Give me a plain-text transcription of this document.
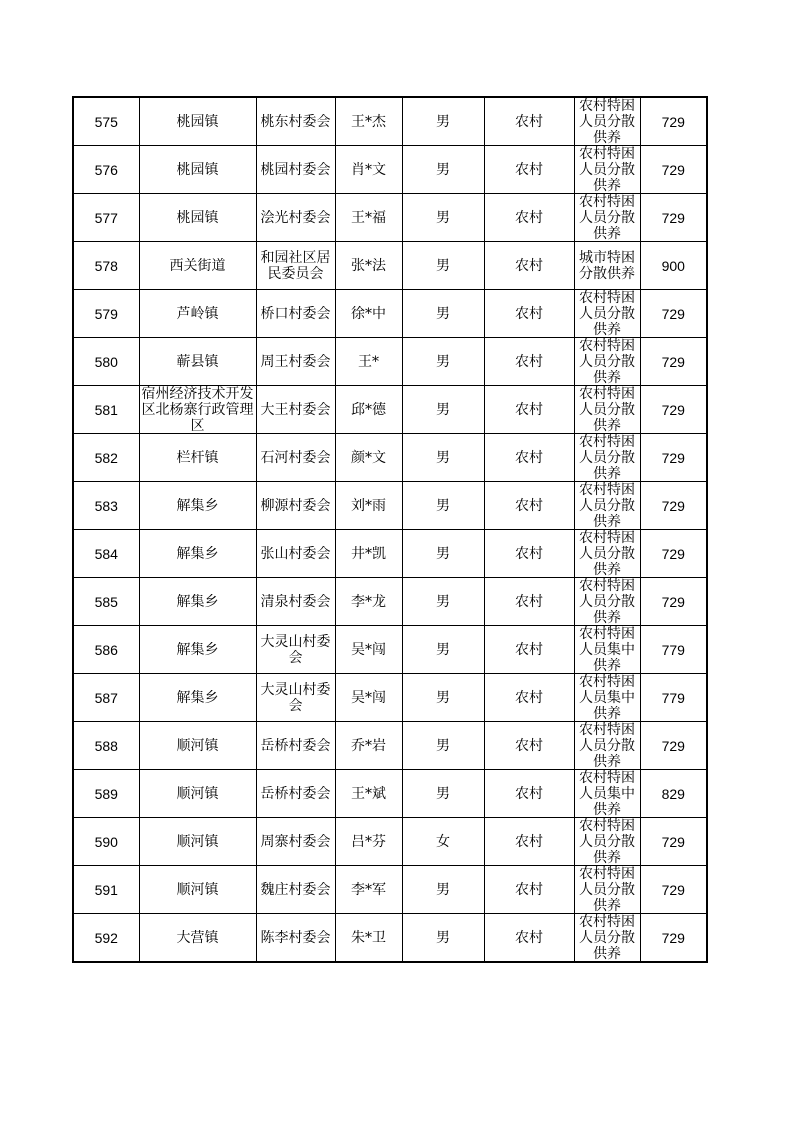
575	桃园镇	桃东村委会	王*杰	男	农村	农村特困人员分散供养	729
576	桃园镇	桃园村委会	肖*文	男	农村	农村特困人员分散供养	729
577	桃园镇	浍光村委会	王*福	男	农村	农村特困人员分散供养	729
578	西关街道	和园社区居民委员会	张*法	男	农村	城市特困分散供养	900
579	芦岭镇	桥口村委会	徐*中	男	农村	农村特困人员分散供养	729
580	蕲县镇	周王村委会	王*	男	农村	农村特困人员分散供养	729
581	宿州经济技术开发区北杨寨行政管理区	大王村委会	邱*德	男	农村	农村特困人员分散供养	729
582	栏杆镇	石河村委会	颜*文	男	农村	农村特困人员分散供养	729
583	解集乡	柳源村委会	刘*雨	男	农村	农村特困人员分散供养	729
584	解集乡	张山村委会	井*凯	男	农村	农村特困人员分散供养	729
585	解集乡	清泉村委会	李*龙	男	农村	农村特困人员分散供养	729
586	解集乡	大灵山村委会	吴*闯	男	农村	农村特困人员集中供养	779
587	解集乡	大灵山村委会	吴*闯	男	农村	农村特困人员集中供养	779
588	顺河镇	岳桥村委会	乔*岩	男	农村	农村特困人员分散供养	729
589	顺河镇	岳桥村委会	王*斌	男	农村	农村特困人员集中供养	829
590	顺河镇	周寨村委会	吕*芬	女	农村	农村特困人员分散供养	729
591	顺河镇	魏庄村委会	李*军	男	农村	农村特困人员分散供养	729
592	大营镇	陈李村委会	朱*卫	男	农村	农村特困人员分散供养	729
